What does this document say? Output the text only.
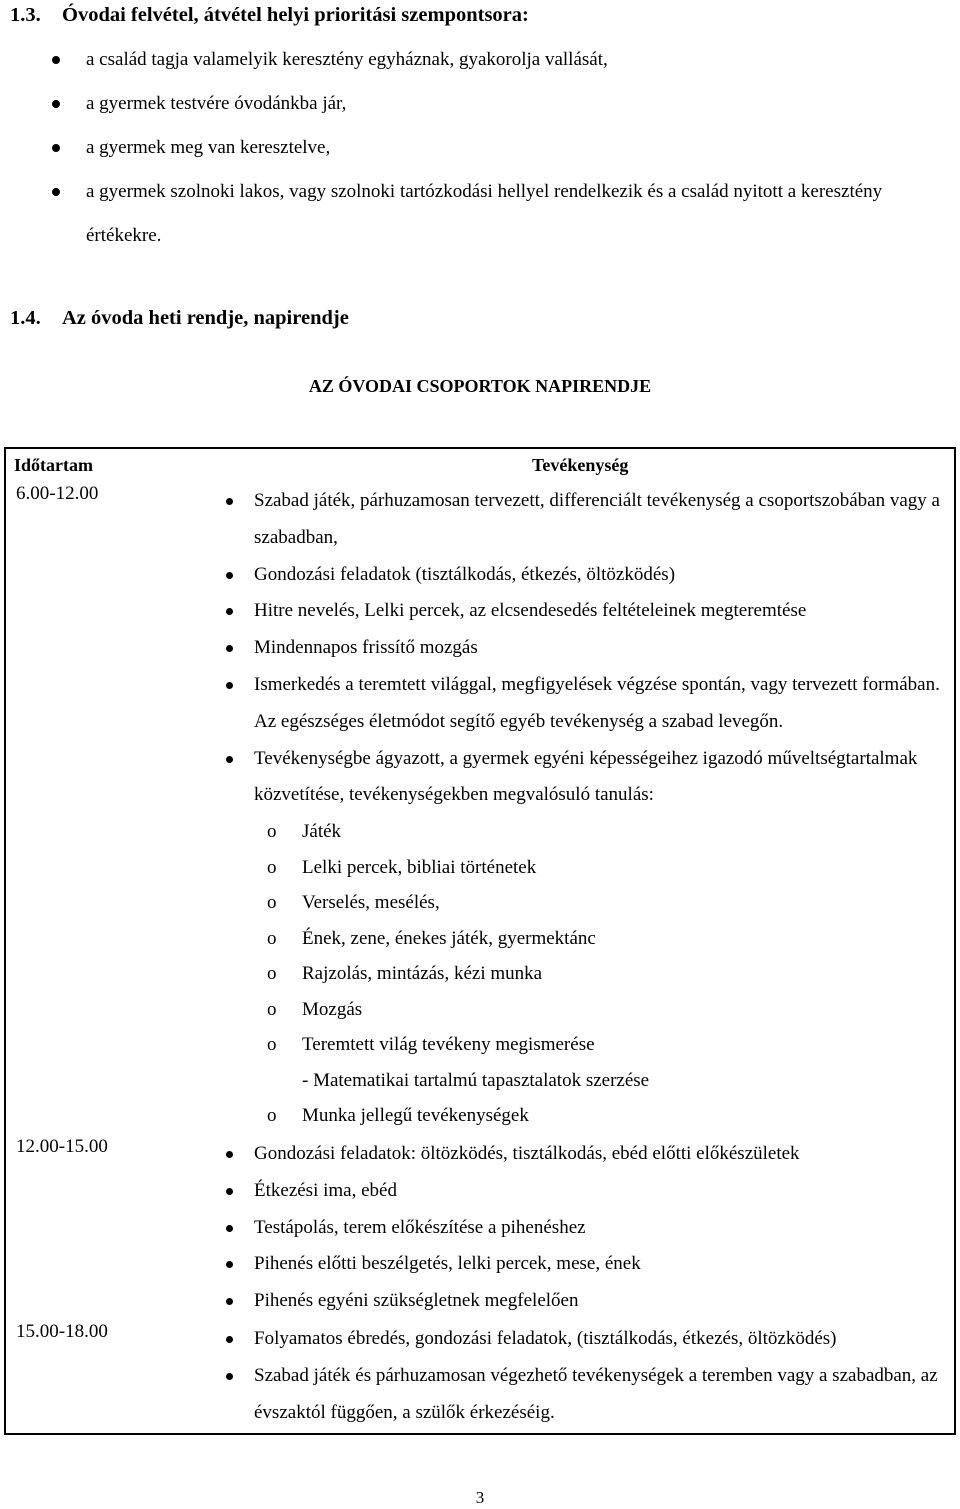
1.3. Óvodai felvétel, átvétel helyi prioritási szempontsora:
a család tagja valamelyik keresztény egyháznak, gyakorolja vallását,
a gyermek testvére óvodánkba jár,
a gyermek meg van keresztelve,
a gyermek szolnoki lakos, vagy szolnoki tartózkodási hellyel rendelkezik és a család nyitott a keresztény értékekre.
1.4. Az óvoda heti rendje, napirendje
AZ ÓVODAI CSOPORTOK NAPIRENDJE
Időtartam	Tevékenység
6.00-12.00	Szabad játék, párhuzamosan tervezett, differenciált tevékenység a csoportszobában vagy a szabadban,
Gondozási feladatok (tisztálkodás, étkezés, öltözködés)
Hitre nevelés, Lelki percek, az elcsendesedés feltételeinek megteremtése
Mindennapos frissítő mozgás
Ismerkedés a teremtett világgal, megfigyelések végzése spontán, vagy tervezett formában. Az egészséges életmódot segítő egyéb tevékenység a szabad levegőn.
Tevékenységbe ágyazott, a gyermek egyéni képességeihez igazodó műveltségtartalmak közvetítése, tevékenységekben megvalósuló tanulás:
o Játék
o Lelki percek, bibliai történetek
o Verselés, mesélés,
o Ének, zene, énekes játék, gyermektánc
o Rajzolás, mintázás, kézi munka
o Mozgás
o Teremtett világ tevékeny megismerése
- Matematikai tartalmú tapasztalatok szerzése
o Munka jellegű tevékenységek
12.00-15.00	Gondozási feladatok: öltözködés, tisztálkodás, ebéd előtti előkészületek
Étkezési ima, ebéd
Testápolás, terem előkészítése a pihenéshez
Pihenés előtti beszélgetés, lelki percek, mese, ének
Pihenés egyéni szükségletnek megfelelően
15.00-18.00	Folyamatos ébredés, gondozási feladatok, (tisztálkodás, étkezés, öltözködés)
Szabad játék és párhuzamosan végezhető tevékenységek a teremben vagy a szabadban, az évszaktól függően, a szülők érkezéséig.
3
